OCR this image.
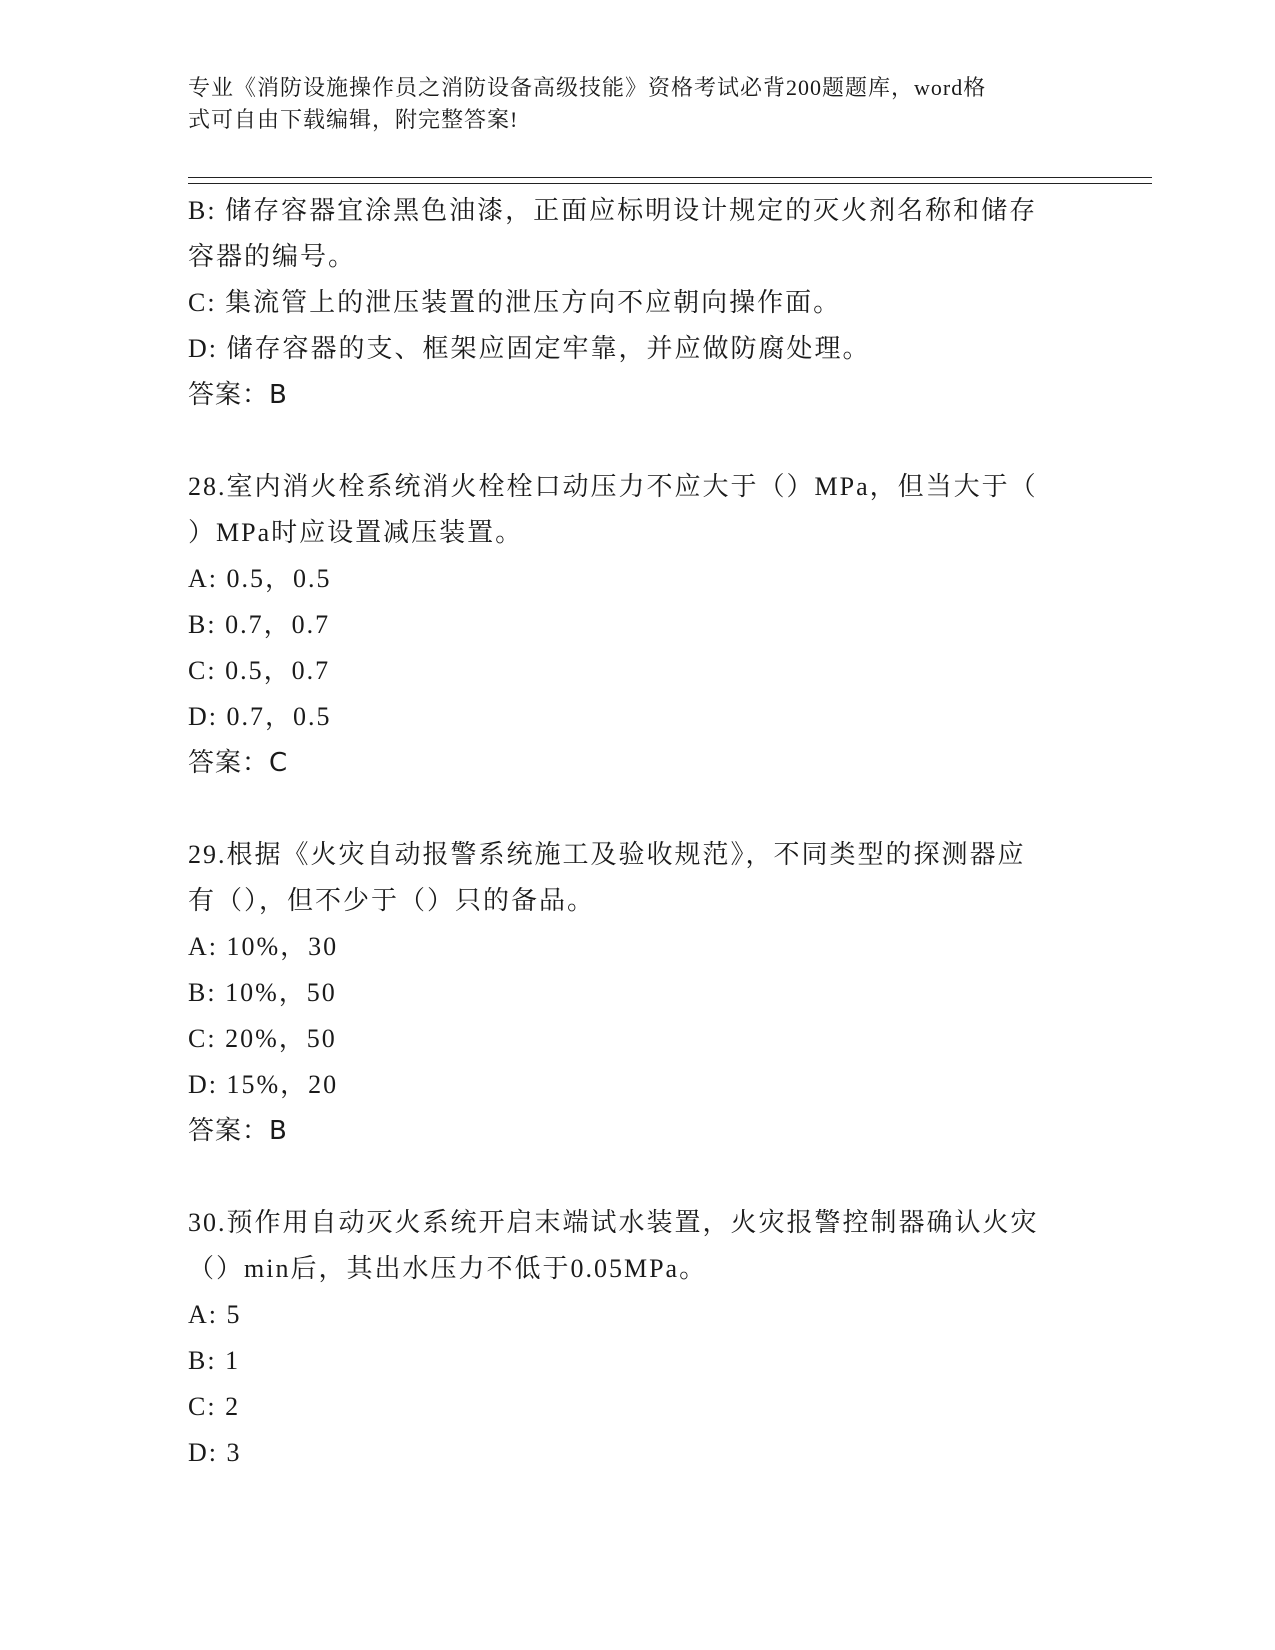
专业《消防设施操作员之消防设备高级技能》资格考试必背200题题库，word格
式可自由下载编辑，附完整答案!
B: 储存容器宜涂黑色油漆，正面应标明设计规定的灭火剂名称和储存
容器的编号。
C: 集流管上的泄压装置的泄压方向不应朝向操作面。
D: 储存容器的支、框架应固定牢靠，并应做防腐处理。
答案：B
28.室内消火栓系统消火栓栓口动压力不应大于（）MPa，但当大于（
）MPa时应设置减压装置。
A: 0.5，0.5
B: 0.7，0.7
C: 0.5，0.7
D: 0.7，0.5
答案：C
29.根据《火灾自动报警系统施工及验收规范》，不同类型的探测器应
有（），但不少于（）只的备品。
A: 10%，30
B: 10%，50
C: 20%，50
D: 15%，20
答案：B
30.预作用自动灭火系统开启末端试水装置，火灾报警控制器确认火灾
（）min后，其出水压力不低于0.05MPa。
A: 5
B: 1
C: 2
D: 3
